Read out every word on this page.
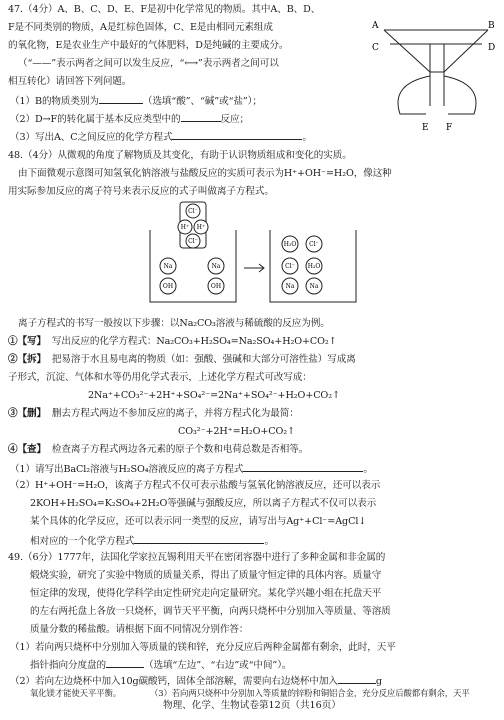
47.（4分）A、B、C、D、E、F是初中化学常见的物质。其中A、B、D、
F是不同类别的物质，A是红棕色固体，C、E是由相同元素组成
的氧化物，E是农业生产中最好的气体肥料，D是纯碱的主要成分。
（“——”表示两者之间可以发生反应，“⟷”表示两者之间可以
相互转化）请回答下列问题。
（1）B的物质类别为	（选填“酸”、“碱”或“盐”）；
（2）D→F的转化属于基本反应类型中的	反应；
（3）写出A、C之间反应的化学方程式	。
A	B
C	D
E F
48.（4分）从微观的角度了解物质及其变化，有助于认识物质组成和变化的实质。
由下面微观示意图可知氢氧化钠溶液与盐酸反应的实质可表示为H⁺+OH⁻=H₂O，像这种
用实际参加反应的离子符号来表示反应的式子叫做离子方程式。
Cl⁻
H⁺ H⁺
Cl⁻
Na	Na
OH	OH
H₂O Cl⁻
Cl⁻ H₂O
Na	Na
离子方程式的书写一般按以下步骤：以Na₂CO₃溶液与稀硫酸的反应为例。
①【写】 写出反应的化学方程式：Na₂CO₃+H₂SO₄=Na₂SO₄+H₂O+CO₂↑
②【拆】 把易溶于水且易电离的物质（如：强酸、强碱和大部分可溶性盐）写成离
子形式，沉淀、气体和水等仍用化学式表示，上述化学方程式可改写成：
2Na⁺+CO₃²⁻+2H⁺+SO₄²⁻=2Na⁺+SO₄²⁻+H₂O+CO₂↑
③【删】 删去方程式两边不参加反应的离子，并将方程式化为最简：
CO₃²⁻+2H⁺=H₂O+CO₂↑
④【查】 检查离子方程式两边各元素的原子个数和电荷总数是否相等。
（1）请写出BaCl₂溶液与H₂SO₄溶液反应的离子方程式	。
（2）H⁺+OH⁻=H₂O，该离子方程式不仅可表示盐酸与氢氧化钠溶液反应，还可以表示
2KOH+H₂SO₄=K₂SO₄+2H₂O等强碱与强酸反应，所以离子方程式不仅可以表示
某个具体的化学反应，还可以表示同一类型的反应，请写出与Ag⁺+Cl⁻=AgCl↓
相对应的一个化学方程式	。
49.（6分）1777年，法国化学家拉瓦锡利用天平在密闭容器中进行了多种金属和非金属的
煅烧实验，研究了实验中物质的质量关系，得出了质量守恒定律的具体内容。质量守
恒定律的发现，使得化学科学由定性研究走向定量研究。某化学兴趣小组在托盘天平
的左右两托盘上各放一只烧杯，调节天平平衡，向两只烧杯中分别加入等质量、等溶质
质量分数的稀盐酸。请根据下面不同情况分别作答：
（1）若向两只烧杯中分别加入等质量的镁和锌，充分反应后两种金属都有剩余，此时，天平
指针指向分度盘的	（选填“左边”、“右边”或“中间”）。
（2）若向左边烧杯中加入10g碳酸钙，固体全部溶解，需要向右边烧杯中加入	g
氧化镁才能使天平平衡。
物理、化学、生物试卷第12页（共16页）
（3）若向两只烧杯中分别加入等质量的锌粉和铜铝合金，充分反应后酸都有剩余，天平
